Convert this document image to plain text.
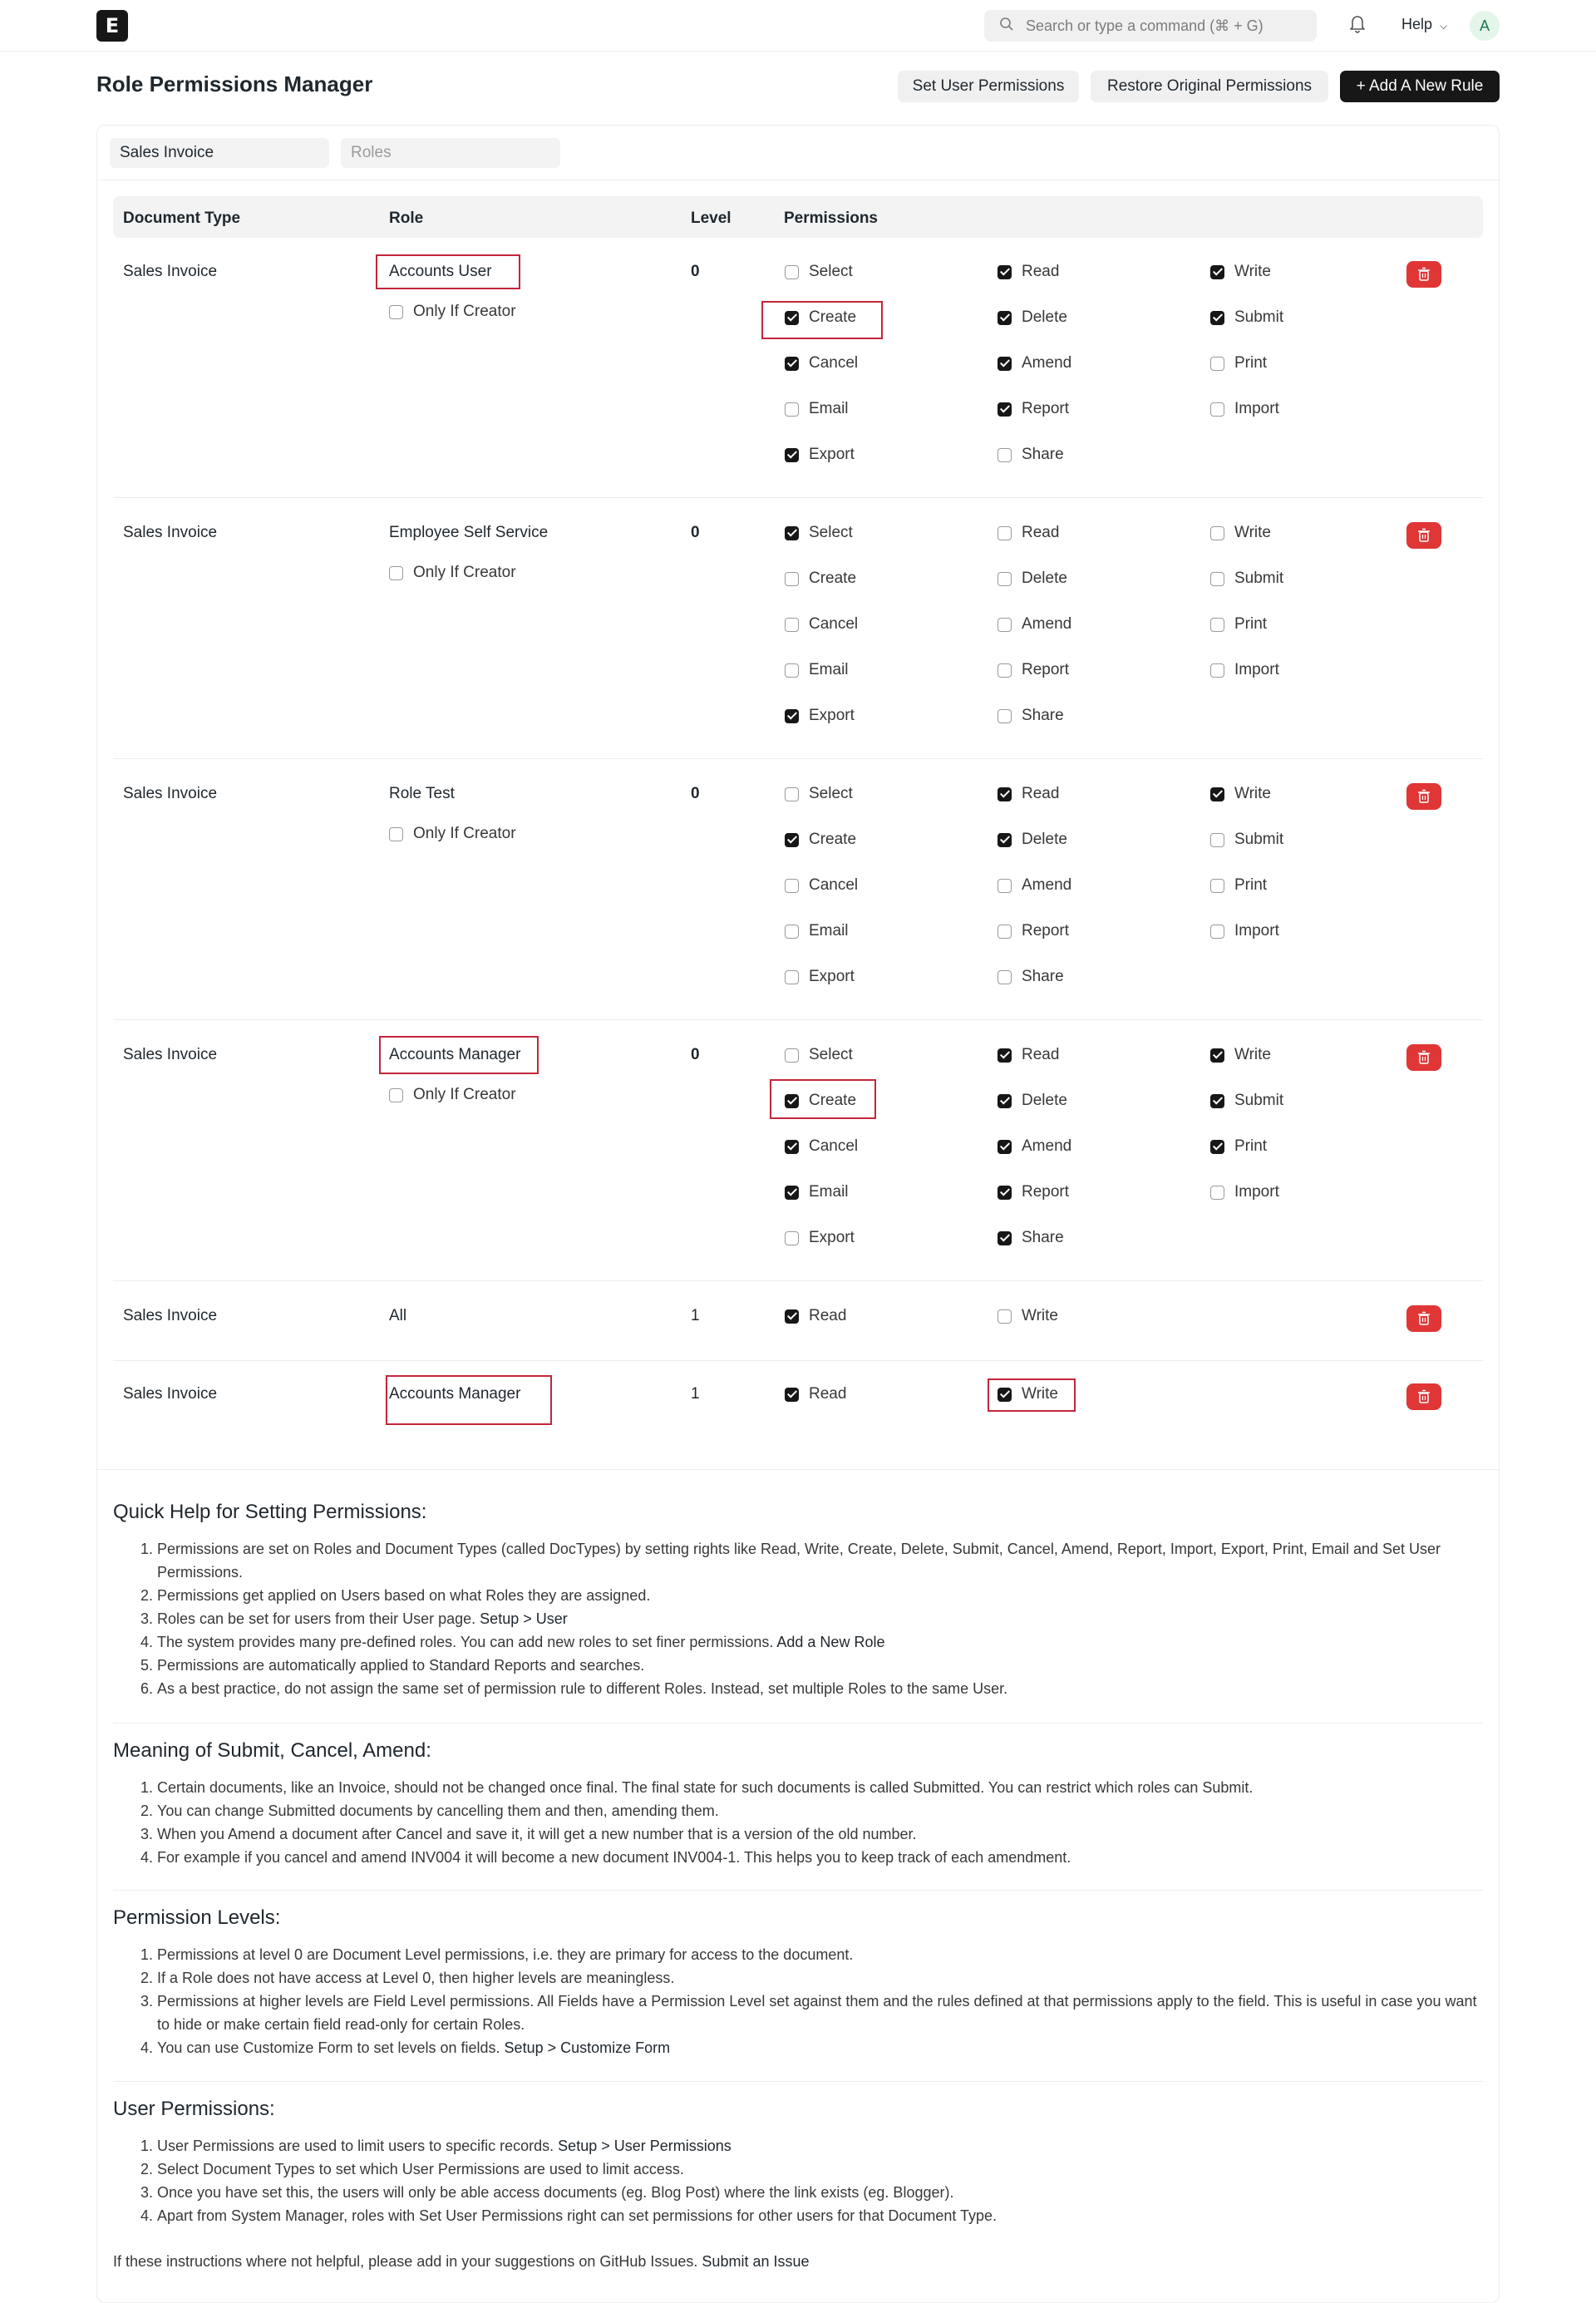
E	Search or type a command (⌘ + G)	Help ⌵	A
Role Permissions Manager	Set User Permissions	Restore Original Permissions	+ Add A New Rule
Sales Invoice	Roles
Document Type	Role	Level	Permissions
Sales Invoice	Accounts User	0
Only If Creator
Select	Read	Write
Create	Delete	Submit
Cancel	Amend	Print
Email	Report	Import
Export	Share
Sales Invoice	Employee Self Service	0
Only If Creator
Select	Read	Write
Create	Delete	Submit
Cancel	Amend	Print
Email	Report	Import
Export	Share
Sales Invoice	Role Test	0
Only If Creator
Select	Read	Write
Create	Delete	Submit
Cancel	Amend	Print
Email	Report	Import
Export	Share
Sales Invoice	Accounts Manager	0
Only If Creator
Select	Read	Write
Create	Delete	Submit
Cancel	Amend	Print
Email	Report	Import
Export	Share
Sales Invoice	All	1	Read	Write
Sales Invoice	Accounts Manager	1	Read	Write
Quick Help for Setting Permissions:
1. Permissions are set on Roles and Document Types (called DocTypes) by setting rights like Read, Write, Create, Delete, Submit, Cancel, Amend, Report, Import, Export, Print, Email and Set User Permissions.
2. Permissions get applied on Users based on what Roles they are assigned.
3. Roles can be set for users from their User page. Setup > User
4. The system provides many pre-defined roles. You can add new roles to set finer permissions. Add a New Role
5. Permissions are automatically applied to Standard Reports and searches.
6. As a best practice, do not assign the same set of permission rule to different Roles. Instead, set multiple Roles to the same User.
Meaning of Submit, Cancel, Amend:
1. Certain documents, like an Invoice, should not be changed once final. The final state for such documents is called Submitted. You can restrict which roles can Submit.
2. You can change Submitted documents by cancelling them and then, amending them.
3. When you Amend a document after Cancel and save it, it will get a new number that is a version of the old number.
4. For example if you cancel and amend INV004 it will become a new document INV004-1. This helps you to keep track of each amendment.
Permission Levels:
1. Permissions at level 0 are Document Level permissions, i.e. they are primary for access to the document.
2. If a Role does not have access at Level 0, then higher levels are meaningless.
3. Permissions at higher levels are Field Level permissions. All Fields have a Permission Level set against them and the rules defined at that permissions apply to the field. This is useful in case you want to hide or make certain field read-only for certain Roles.
4. You can use Customize Form to set levels on fields. Setup > Customize Form
User Permissions:
1. User Permissions are used to limit users to specific records. Setup > User Permissions
2. Select Document Types to set which User Permissions are used to limit access.
3. Once you have set this, the users will only be able access documents (eg. Blog Post) where the link exists (eg. Blogger).
4. Apart from System Manager, roles with Set User Permissions right can set permissions for other users for that Document Type.
If these instructions where not helpful, please add in your suggestions on GitHub Issues. Submit an Issue
